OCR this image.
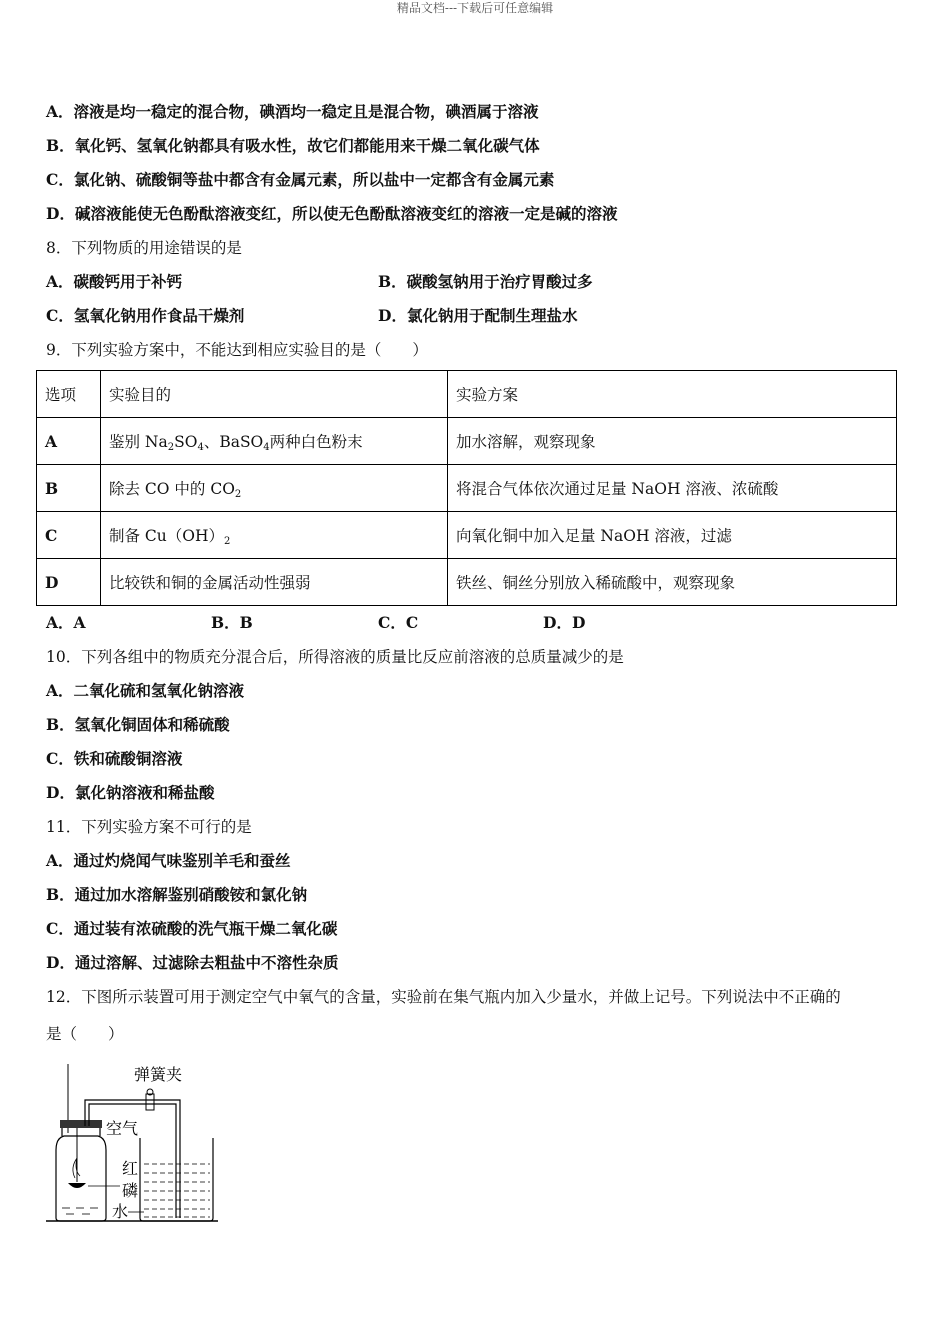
精品文档---下载后可任意编辑
A．溶液是均一稳定的混合物，碘酒均一稳定且是混合物，碘酒属于溶液
B．氧化钙、氢氧化钠都具有吸水性，故它们都能用来干燥二氧化碳气体
C．氯化钠、硫酸铜等盐中都含有金属元素，所以盐中一定都含有金属元素
D．碱溶液能使无色酚酞溶液变红，所以使无色酚酞溶液变红的溶液一定是碱的溶液
8．下列物质的用途错误的是
A．碳酸钙用于补钙	B．碳酸氢钠用于治疗胃酸过多
C．氢氧化钠用作食品干燥剂	D．氯化钠用于配制生理盐水
9．下列实验方案中，不能达到相应实验目的是（　　）
选项	实验目的	实验方案
A	鉴别 $Na_2SO_4$、BaSO$_4$两种白色粉末	加水溶解，观察现象
B	除去 CO 中的 $CO_2$	将混合气体依次通过足量 NaOH 溶液、浓硫酸
C	制备 $Cu(OH)_2$	向氧化铜中加入足量 NaOH 溶液，过滤
D	比较铁和铜的金属活动性强弱	铁丝、铜丝分别放入稀硫酸中，观察现象
A．A	B．B	C．C	D．D
10．下列各组中的物质充分混合后，所得溶液的质量比反应前溶液的总质量减少的是
A．二氧化硫和氢氧化钠溶液
B．氢氧化铜固体和稀硫酸
C．铁和硫酸铜溶液
D．氯化钠溶液和稀盐酸
11．下列实验方案不可行的是
A．通过灼烧闻气味鉴别羊毛和蚕丝
B．通过加水溶解鉴别硝酸铵和氯化钠
C．通过装有浓硫酸的洗气瓶干燥二氧化碳
D．通过溶解、过滤除去粗盐中不溶性杂质
12．下图所示装置可用于测定空气中氧气的含量，实验前在集气瓶内加入少量水，并做上记号。下列说法中不正确的
是（　　）
弹簧夹
空气
红
磷
水
